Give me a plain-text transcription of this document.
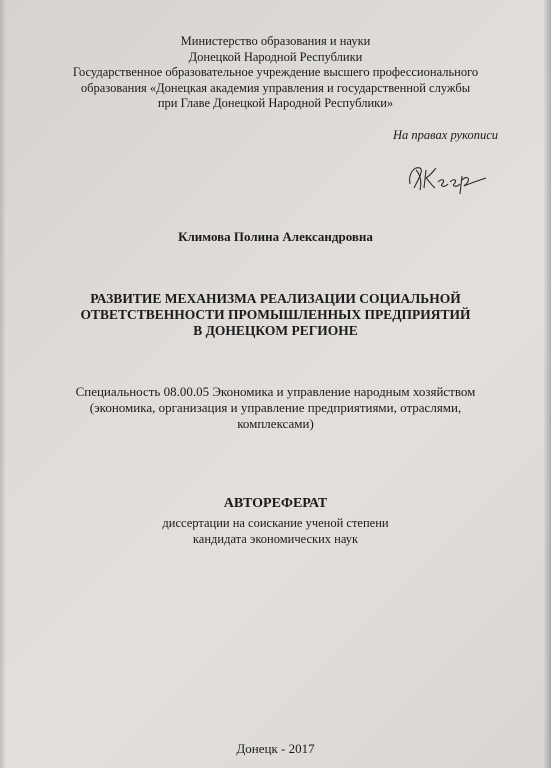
Министерство образования и науки
Донецкой Народной Республики
Государственное образовательное учреждение высшего профессионального
образования «Донецкая академия управления и государственной службы
при Главе Донецкой Народной Республики»
На правах рукописи
Климова Полина Александровна
РАЗВИТИЕ МЕХАНИЗМА РЕАЛИЗАЦИИ СОЦИАЛЬНОЙ
ОТВЕТСТВЕННОСТИ ПРОМЫШЛЕННЫХ ПРЕДПРИЯТИЙ
В ДОНЕЦКОМ РЕГИОНЕ
Специальность 08.00.05 Экономика и управление народным хозяйством
(экономика, организация и управление предприятиями, отраслями,
комплексами)
АВТОРЕФЕРАТ
диссертации на соискание ученой степени
кандидата экономических наук
Донецк - 2017
